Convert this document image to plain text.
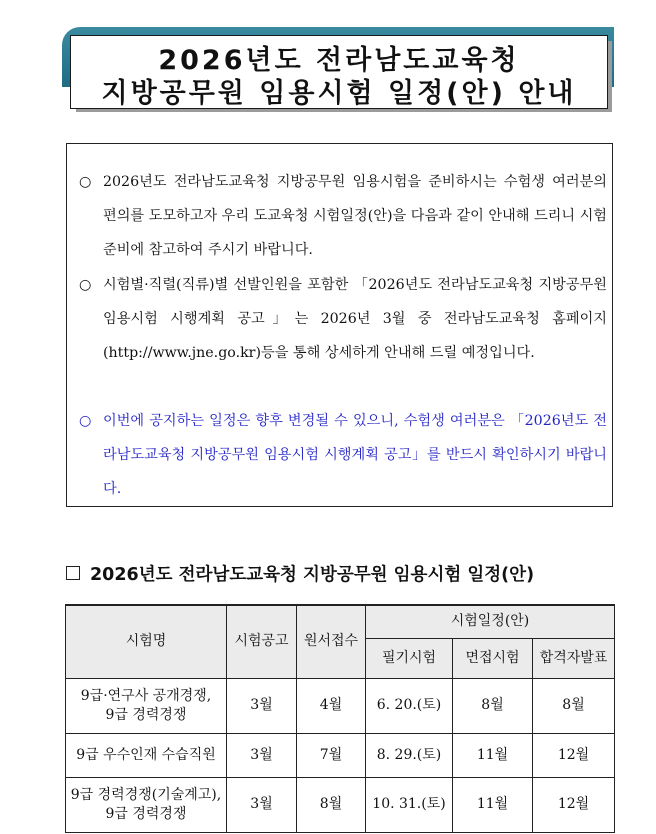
2026년도 전라남도교육청
지방공무원 임용시험 일정(안) 안내
○ 2026년도 전라남도교육청 지방공무원 임용시험을 준비하시는 수험생 여러분의 편의를 도모하고자 우리 도교육청 시험일정(안)을 다음과 같이 안내해 드리니 시험 준비에 참고하여 주시기 바랍니다.
○ 시험별·직렬(직류)별 선발인원을 포함한 「2026년도 전라남도교육청 지방공무원 임용시험 시행계획 공고」는 2026년 3월 중 전라남도교육청 홈페이지(http://www.jne.go.kr)등을 통해 상세하게 안내해 드릴 예정입니다.
○ 이번에 공지하는 일정은 향후 변경될 수 있으니, 수험생 여러분은 「2026년도 전라남도교육청 지방공무원 임용시험 시행계획 공고」를 반드시 확인하시기 바랍니다.
2026년도 전라남도교육청 지방공무원 임용시험 일정(안)
시험명	시험공고	원서접수	시험일정(안)		
			필기시험	면접시험	합격자발표

9급·연구사 공개경쟁,
9급 경력경쟁	3월	4월	6. 20.(토)	8월	8월

9급 우수인재 수습직원	3월	7월	8. 29.(토)	11월	12월

9급 경력경쟁(기술계고),
9급 경력경쟁	3월	8월	10. 31.(토)	11월	12월
